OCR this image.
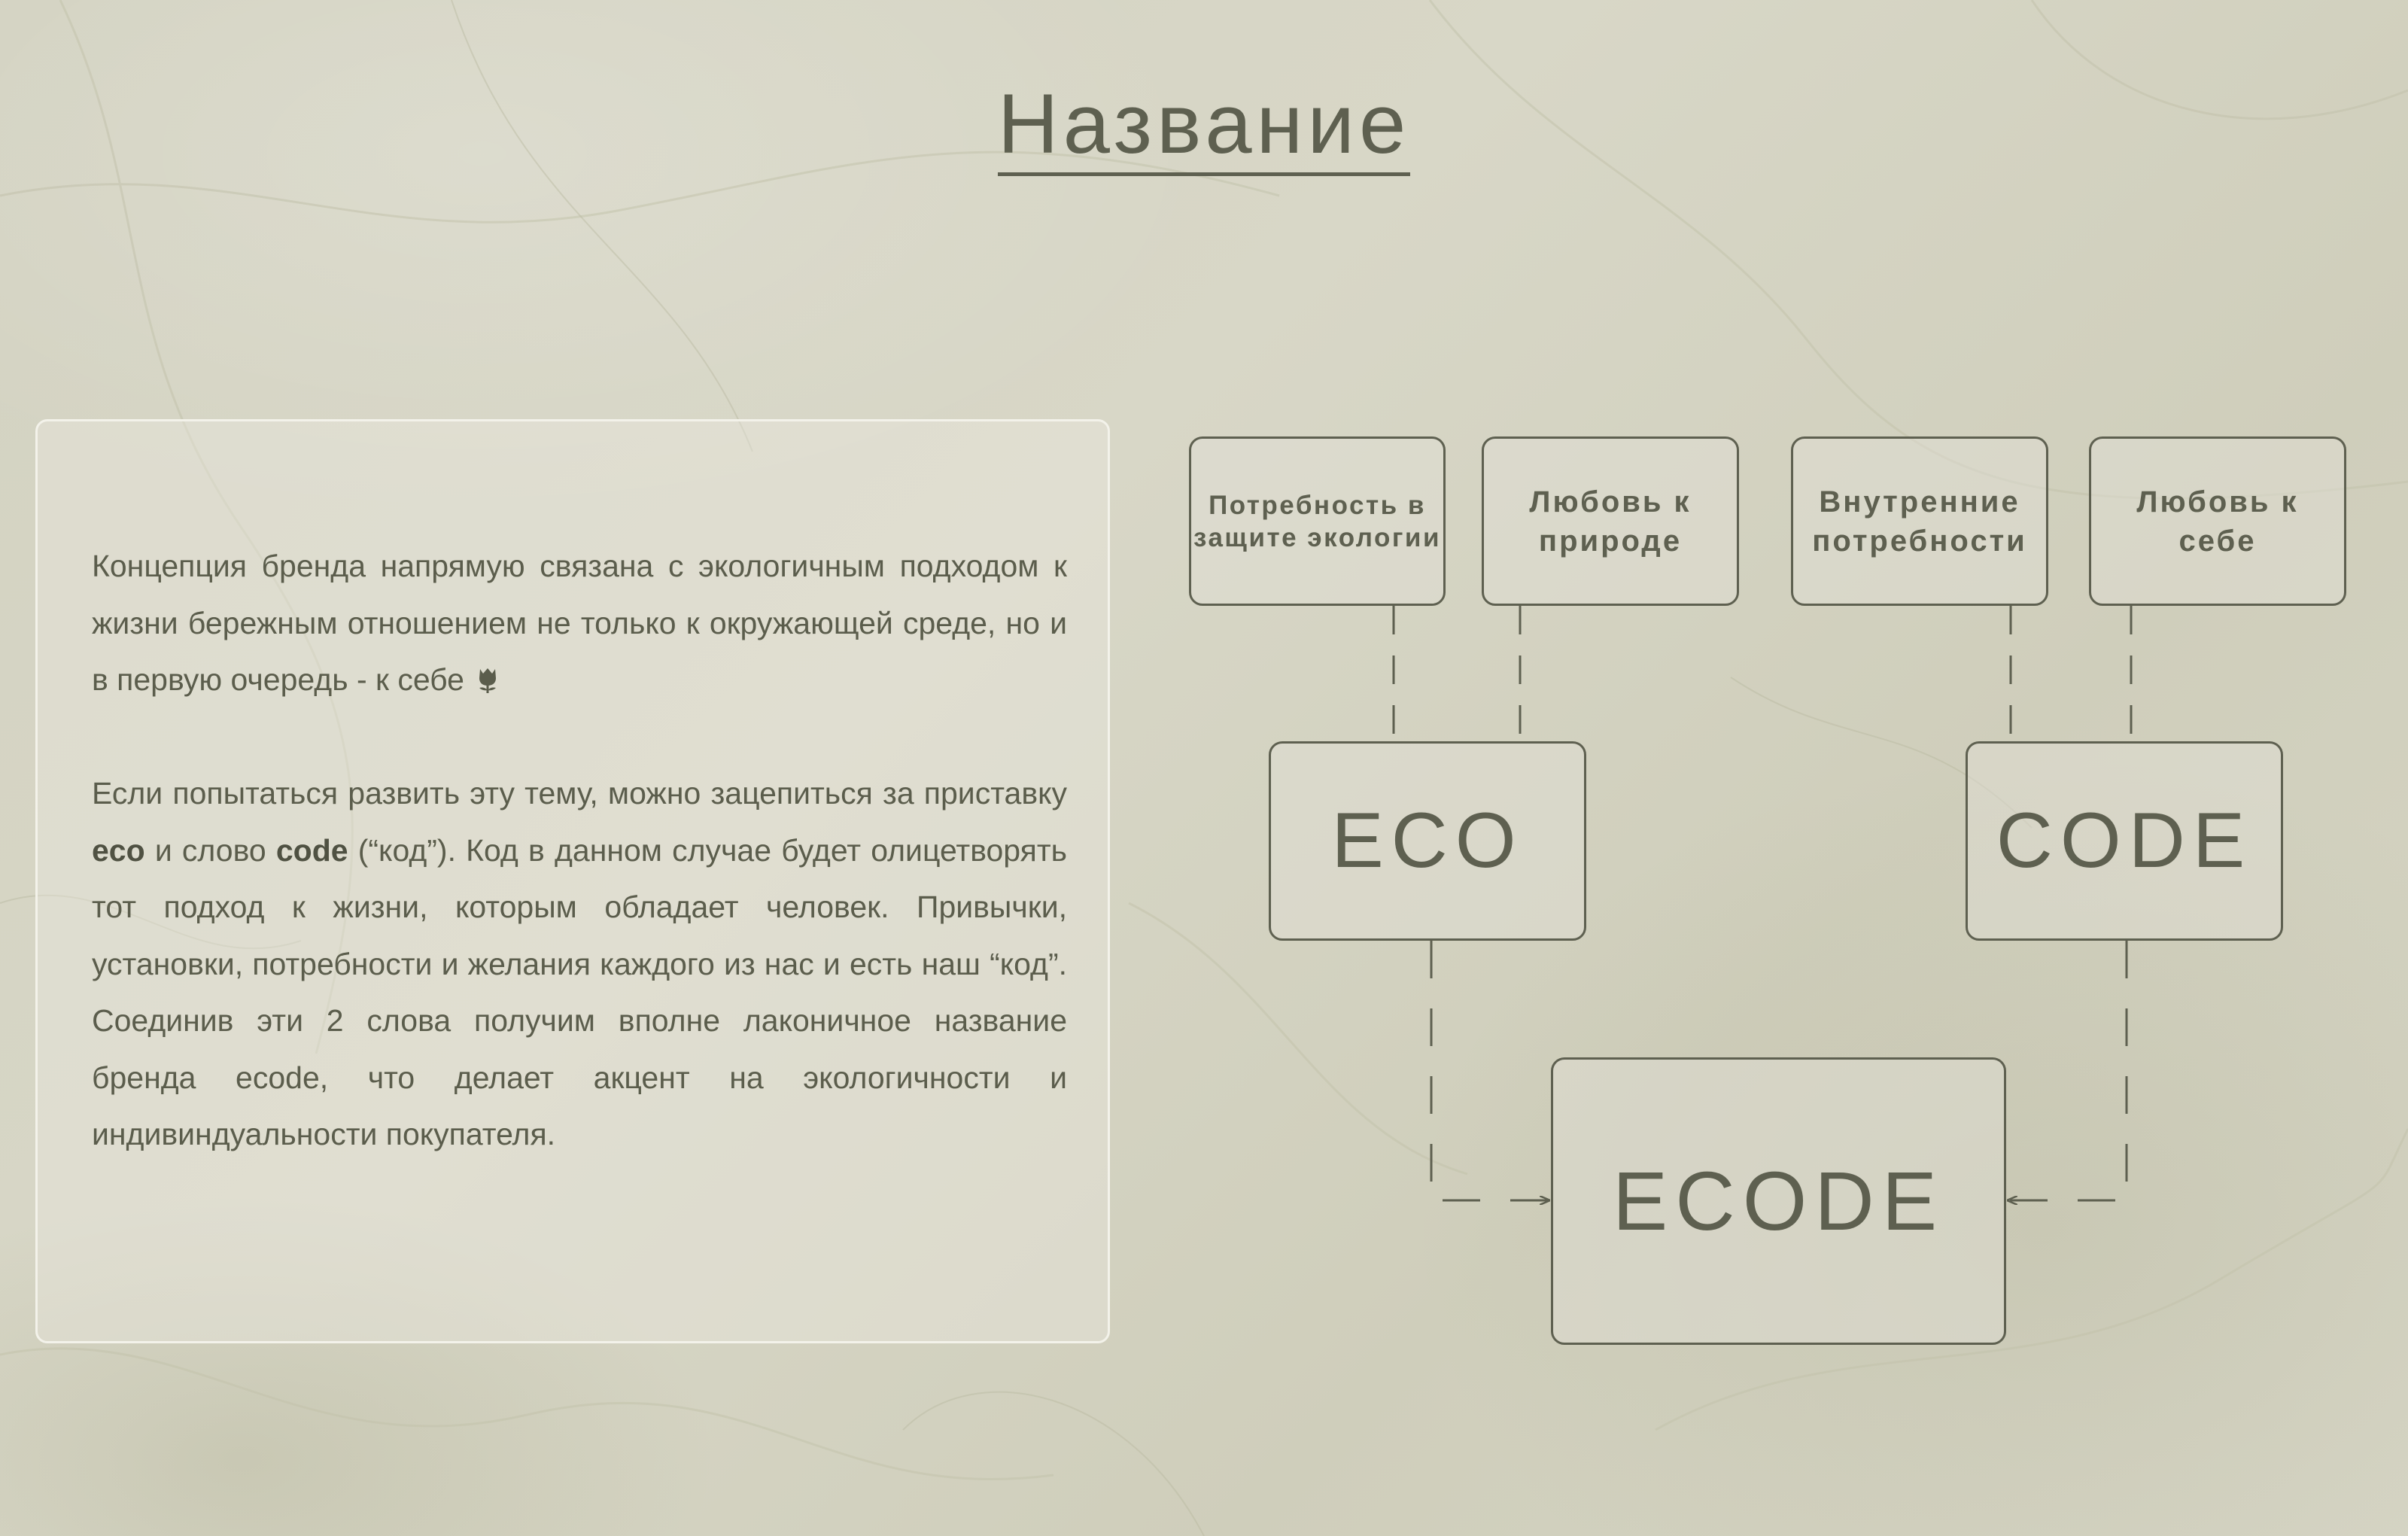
Название
Концепция бренда напрямую связана с экологичным подходом к жизни бережным отношением не только к окружающей среде, но и в первую очередь - к себе
Если попытаться развить эту тему, можно зацепиться за приставку eco и слово code (“код”). Код в данном случае будет олицетворять тот подход к жизни, которым обладает человек. Привычки, установки, потребности и желания каждого из нас и есть наш “код”. Соединив эти 2 слова получим вполне лаконичное название бренда ecode, что делает акцент на экологичности и индивиндуальности покупателя.
Потребность в защите экологии
Любовь к природе
Внутренние потребности
Любовь к себе
ECO	CODE
ECODE
